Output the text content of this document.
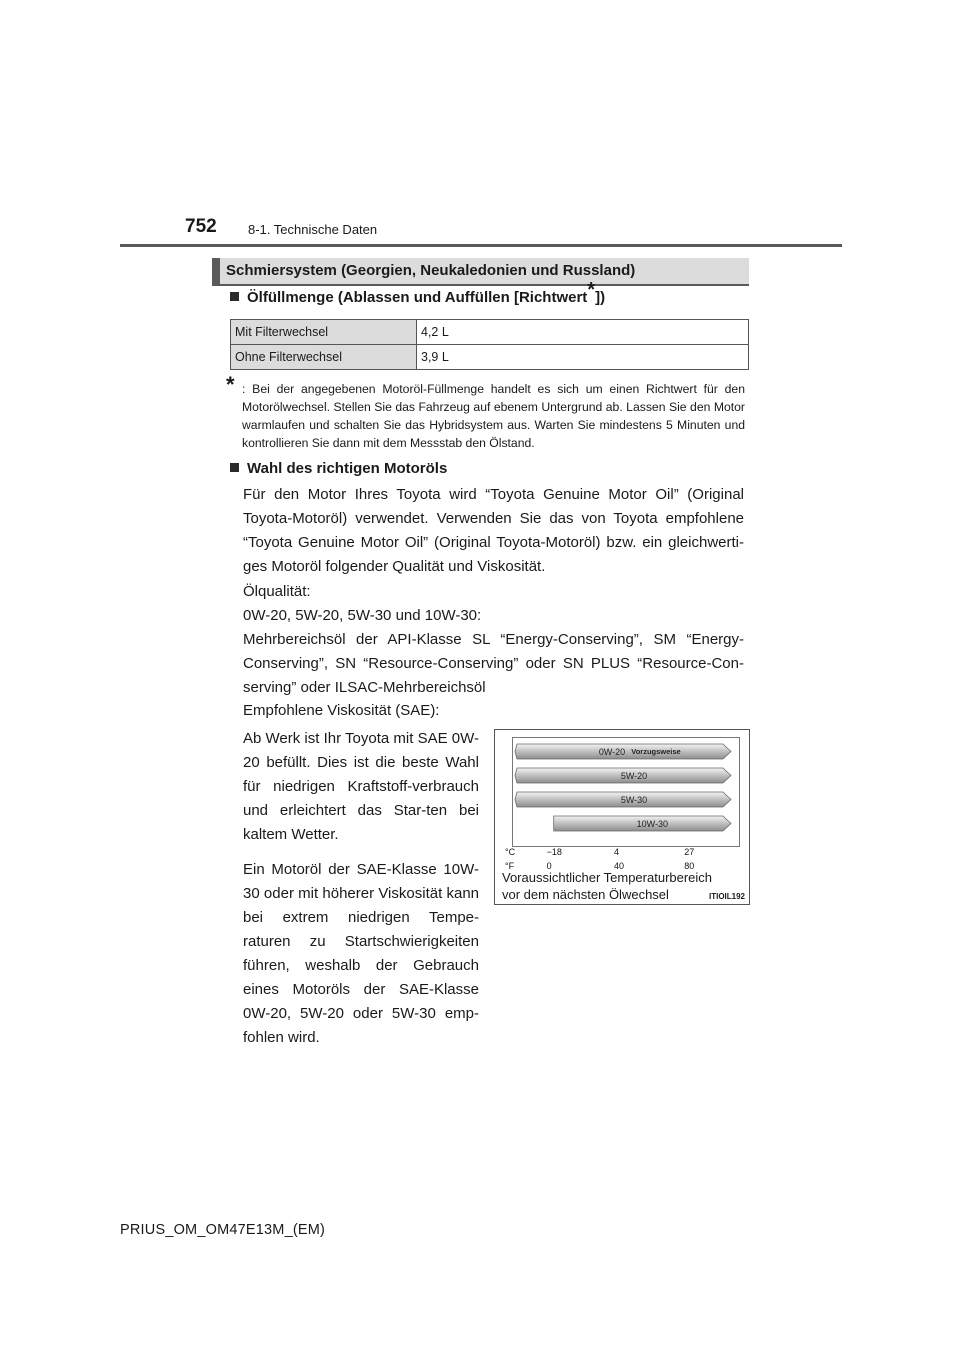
752 8-1. Technische Daten
Schmiersystem (Georgien, Neukaledonien und Russland)
Ölfüllmenge (Ablassen und Auffüllen [Richtwert*])
Mit Filterwechsel	4,2 L
Ohne Filterwechsel	3,9 L
* : Bei der angegebenen Motoröl-Füllmenge handelt es sich um einen Richtwert für den Motorölwechsel. Stellen Sie das Fahrzeug auf ebenem Untergrund ab. Lassen Sie den Motor warmlaufen und schalten Sie das Hybridsystem aus. Warten Sie mindestens 5 Minuten und kontrollieren Sie dann mit dem Messstab den Ölstand.
Wahl des richtigen Motoröls
Für den Motor Ihres Toyota wird “Toyota Genuine Motor Oil” (Original Toyota-Motoröl) verwendet. Verwenden Sie das von Toyota empfohlene “Toyota Genuine Motor Oil” (Original Toyota-Motoröl) bzw. ein gleichwerti-ges Motoröl folgender Qualität und Viskosität.
Ölqualität:
0W-20, 5W-20, 5W-30 und 10W-30:
Mehrbereichsöl der API-Klasse SL “Energy-Conserving”, SM “Energy-Conserving”, SN “Resource-Conserving” oder SN PLUS “Resource-Con-serving” oder ILSAC-Mehrbereichsöl
Empfohlene Viskosität (SAE):
Ab Werk ist Ihr Toyota mit SAE 0W-20 befüllt. Dies ist die beste Wahl für niedrigen Kraftstoff-verbrauch und erleichtert das Star-ten bei kaltem Wetter.
Ein Motoröl der SAE-Klasse 10W-30 oder mit höherer Viskosität kann bei extrem niedrigen Tempe-raturen zu Startschwierigkeiten führen, weshalb der Gebrauch eines Motoröls der SAE-Klasse 0W-20, 5W-20 oder 5W-30 emp-fohlen wird.
0W-20 Vorzugsweise
5W-20
5W-30
10W-30
°C	−18	4	27
°F	0	40	80
Voraussichtlicher Temperaturbereich
vor dem nächsten Ölwechsel	ITIOIL192
PRIUS_OM_OM47E13M_(EM)
